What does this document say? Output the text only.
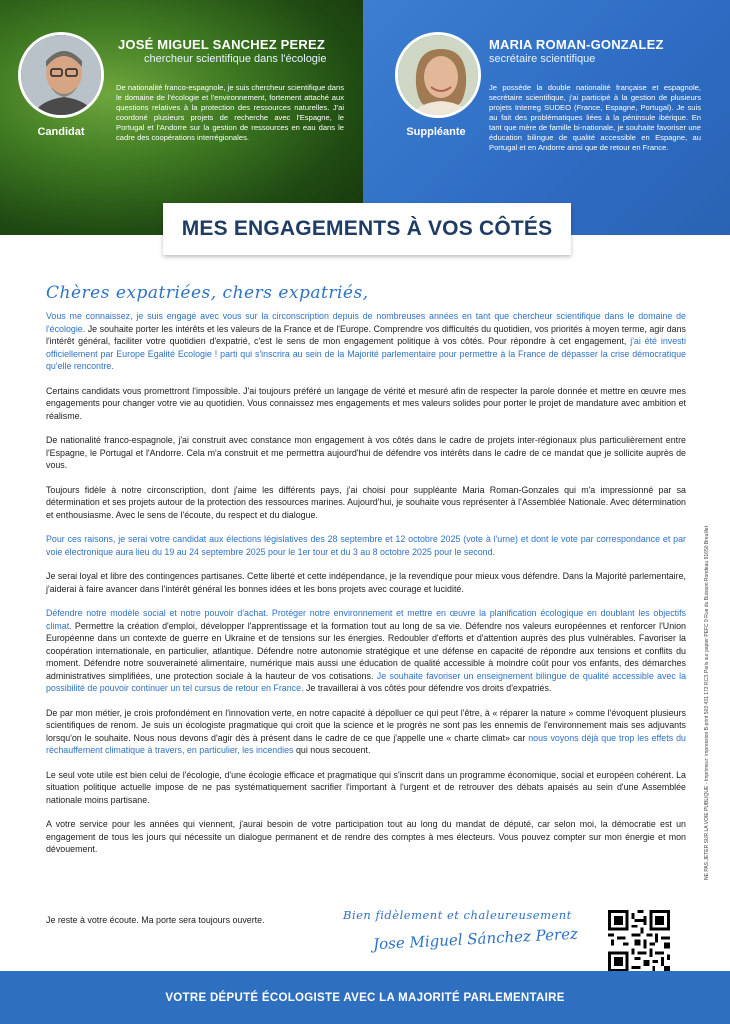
Candidat
JOSÉ MIGUEL SANCHEZ PEREZ
chercheur scientifique dans l'écologie
De nationalité franco-espagnole, je suis chercheur scientifique dans le domaine de l'écologie et l'environnement, fortement attaché aux questions relatives à la protection des ressources naturelles. J'ai coordoné plusieurs projets de recherche avec l'Espagne, le Portugal et l'Andorre sur la gestion de ressources en eau dans le cadre des coopérations interrégionales.	Suppléante
MARIA ROMAN-GONZALEZ
secrétaire scientifique
Je possède la double nationalité française et espagnole, secrétaire scientifique, j'ai participé à la gestion de plusieurs projets Interreg SUDEO (France, Espagne, Portugal). Je suis au fait des problématiques liées à la péninsule ibérique. En tant que mère de famille bi-nationale, je souhaite favoriser une éducation bilingue de qualité accessible en Espagne, au Portugal et en Andorre ainsi que de retour en France.
MES ENGAGEMENTS À VOS CÔTÉS
Chères expatriées, chers expatriés,

Vous me connaissez, je suis engagé avec vous sur la circonscription depuis de nombreuses années en tant que chercheur scientifique dans le domaine de l'écologie. Je souhaite porter les intérêts et les valeurs de la France et de l'Europe. Comprendre vos difficultés du quotidien, vos priorités à moyen terme, agir dans l'intérêt général, faciliter votre quotidien d'expatrié, c'est le sens de mon engagement politique à vos côtés. Pour répondre à cet engagement, j'ai été investi officiellement par Europe Egalité Ecologie ! parti qui s'inscrira au sein de la Majorité parlementaire pour permettre à la France de dépasser la crise démocratique qu'elle rencontre.

Certains candidats vous promettront l'impossible. J'ai toujours préféré un langage de vérité et mesuré afin de respecter la parole donnée et mettre en œuvre mes engagements pour changer votre vie au quotidien. Vous connaissez mes engagements et mes valeurs solides pour porter le projet de mandature avec ambition et réalisme.

De nationalité franco-espagnole, j'ai construit avec constance mon engagement à vos côtés dans le cadre de projets inter-régionaux plus particulièrement entre l'Espagne, le Portugal et l'Andorre. Cela m'a construit et me permettra aujourd'hui de défendre vos intérêts dans le cadre de ce mandat que je sollicite auprès de vous.

Toujours fidèle à notre circonscription, dont j'aime les différents pays, j'ai choisi pour suppléante Maria Roman-Gonzales qui m'a impressionné par sa détermination et ses projets autour de la protection des ressources marines. Aujourd'hui, je souhaite vous représenter à l'Assemblée Nationale. Avec détermination et enthousiasme. Avec le sens de l'écoute, du respect et du dialogue.

Pour ces raisons, je serai votre candidat aux élections législatives des 28 septembre et 12 octobre 2025 (vote à l'urne) et dont le vote par correspondance et par voie électronique aura lieu du 19 au 24 septembre 2025 pour le 1er tour et du 3 au 8 octobre 2025 pour le second.

Je serai loyal et libre des contingences partisanes. Cette liberté et cette indépendance, je la revendique pour mieux vous défendre. Dans la Majorité parlementaire, j'aiderai à faire avancer dans l'intérêt général les bonnes idées et les bons projets avec courage et lucidité.

Défendre notre modèle social et notre pouvoir d'achat. Protéger notre environnement et mettre en œuvre la planification écologique en doublant les objectifs climat. Permettre la création d'emploi, développer l'apprentissage et la formation tout au long de sa vie. Défendre nos valeurs européennes et renforcer l'Union Européenne dans un contexte de guerre en Ukraine et de tensions sur les énergies. Redoubler d'efforts et d'attention auprès des plus vulnérables. Favoriser la coopération internationale, en particulier, atlantique. Défendre notre autonomie stratégique et une défense en capacité de répondre aux tensions et conflits du moment. Défendre notre souveraineté alimentaire, numérique mais aussi une éducation de qualité accessible à moindre coût pour vos enfants, des démarches administratives simplifiées, une protection sociale à la hauteur de vos cotisations. Je souhaite favoriser un enseignement bilingue de qualité accessible avec la possibilité de pouvoir continuer un tel cursus de retour en France. Je travaillerai à vos côtés pour défendre vos droits d'expatriés.

De par mon métier, je crois profondément en l'innovation verte, en notre capacité à dépolluer ce qui peut l'être, à « réparer la nature » comme l'évoquent plusieurs scientifiques de renom. Je suis un écologiste pragmatique qui croit que la science et le progrès ne sont pas les ennemis de l'environnement mais ses adjuvants lorsqu'on le souhaite. Nous nous devons d'agir dès à présent dans le cadre de ce que j'appelle une « charte climat» car nous voyons déjà que trop les effets du réchauffement climatique à travers, en particulier, les incendies qui nous secouent.

Le seul vote utile est bien celui de l'écologie, d'une écologie efficace et pragmatique qui s'inscrit dans un programme économique, social et européen cohérent. La situation politique actuelle impose de ne pas systématiquement sacrifier l'important à l'urgent et de retrouver des débats apaisés au sein d'une Assemblée nationale moins partisane.

A votre service pour les années qui viennent, j'aurai besoin de votre participation tout au long du mandat de député, car selon moi, la démocratie est un engagement de tous les jours qui nécessite un dialogue permanent et de rendre des comptes à mes électeurs. Vous pouvez compter sur mon énergie et mon dévouement.

Je reste à votre écoute. Ma porte sera toujours ouverte.	Bien fidèlement et chaleureusement
Jose Miguel Sánchez Perez
NE PAS JETER SUR LA VOIE PUBLIQUE - Imprimeur: impression B-print 503 431 173 RCS Paris sur papier PEFC 9 Rue du Buisson Rondeau 91650 Breuillet
VOTRE DÉPUTÉ ÉCOLOGISTE AVEC LA MAJORITÉ PARLEMENTAIRE
